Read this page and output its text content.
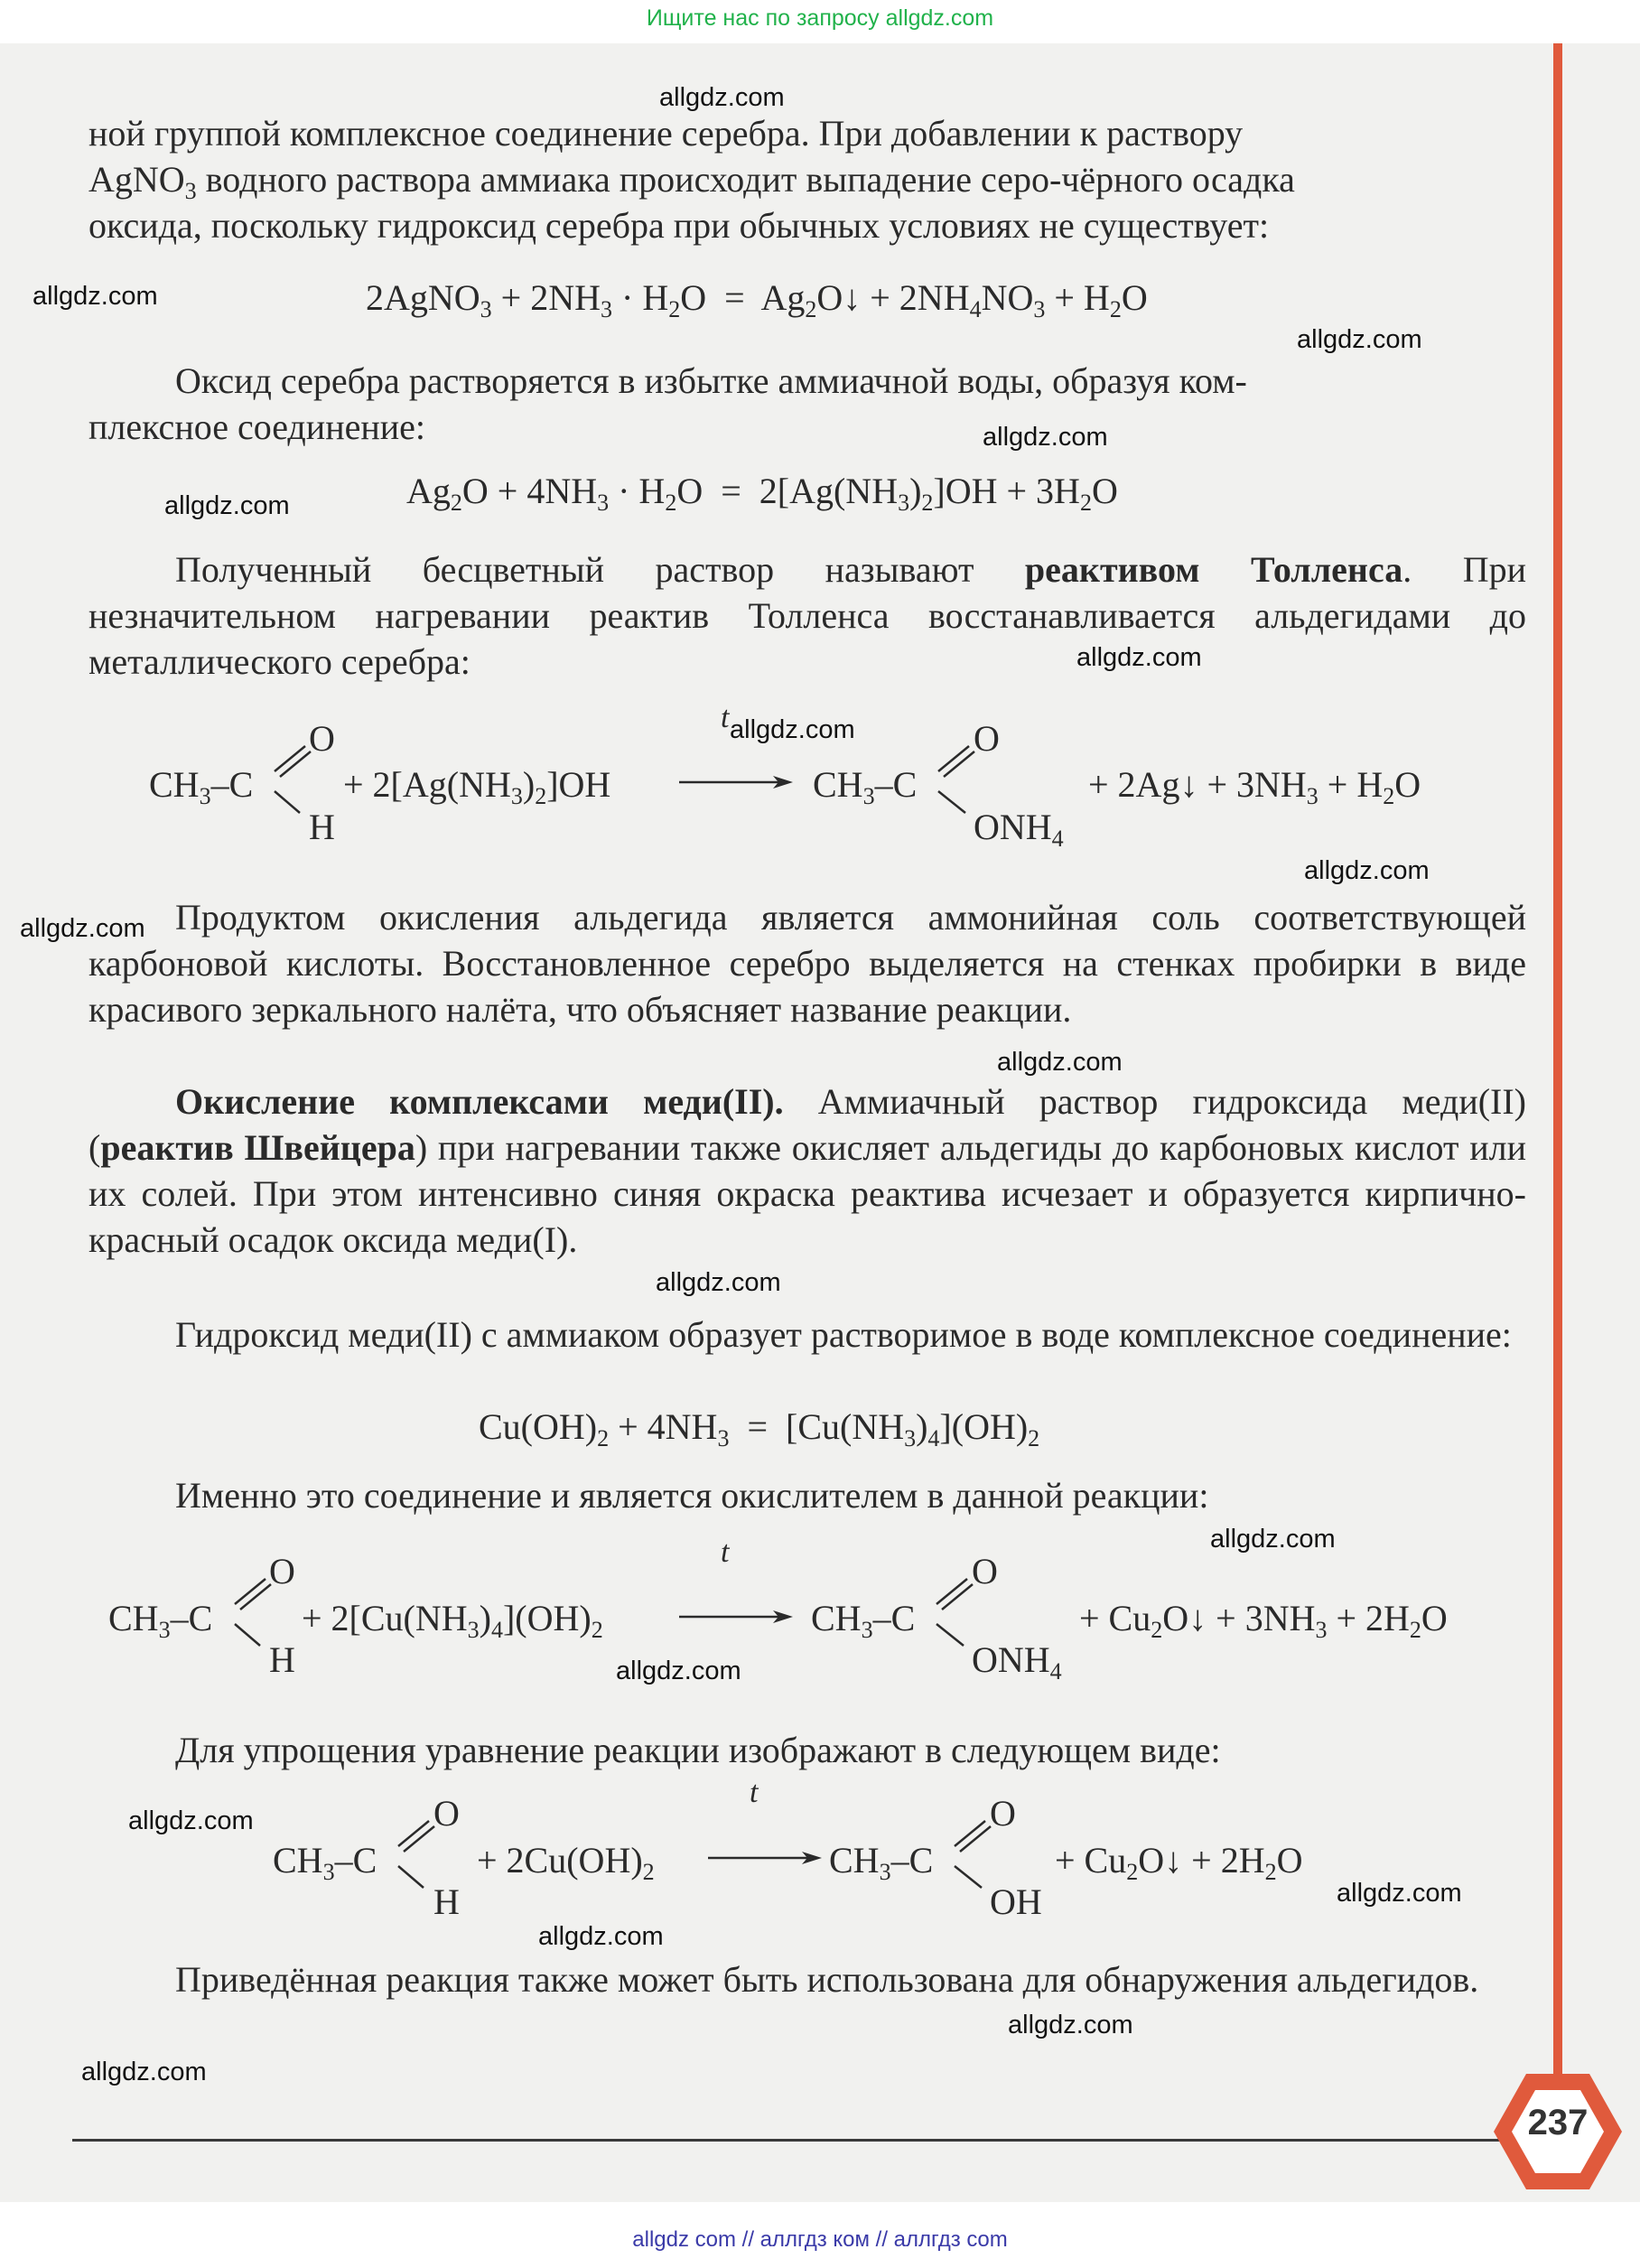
Ищите нас по запросу allgdz.com

ной группой комплексное соединение серебра. При добавлении к раствору

AgNO$_3$ водного раствора аммиака происходит выпадение серо-чёрного осадка

оксида, поскольку гидроксид серебра при обычных условиях не существует:

2AgNO$_3$ + $2NH_3 \cdot H_2O$  =  $Ag_2O↓ + 2NH_4NO_3 + H_2O$

Оксид серебра растворяется в избытке аммиачной воды, образуя ком-

плексное соединение:

$Ag_2O + 4NH_3 \cdot H_2O = 2[Ag(NH_3)_2]OH + 3H_2O$

Полученный бесцветный раствор называют реактивом Толленса. При незначительном нагревании реактив Толленса восстанавливается альдегидами до металлического серебра:

$CH_3-C$
O
H
+ $2[Ag(NH_3)_2]OH$
t
$CH_3-C$
O
$ONH_4$
+ 2Ag↓ + $3NH_3 + H_2O$

Продуктом окисления альдегида является аммонийная соль соответствующей карбоновой кислоты. Восстановленное серебро выделяется на стенках пробирки в виде красивого зеркального налёта, что объясняет название реакции.

Окисление комплексами меди(II). Аммиачный раствор гидроксида меди(II) (реактив Швейцера) при нагревании также окисляет альдегиды до карбоновых кислот или их солей. При этом интенсивно синяя окраска реактива исчезает и образуется кирпично-красный осадок оксида меди(I).

Гидроксид меди(II) с аммиаком образует растворимое в воде комплексное соединение:

$Cu(OH)_2 + 4NH_3 = [Cu(NH_3)_4](OH)_2$

Именно это соединение и является окислителем в данной реакции:

$CH_3-C$
O
H
+ $2[Cu(NH_3)_4](OH)_2$
t
$CH_3-C$
O
$ONH_4$
+ $Cu_2O↓ + 3NH_3 + 2H_2O$

Для упрощения уравнение реакции изображают в следующем виде:

$CH_3-C$
O
H
+ $2Cu(OH)_2$
t
$CH_3-C$
O
OH
+ $Cu_2O↓ + 2H_2O$

Приведённая реакция также может быть использована для обнаружения альдегидов.

237
allgdz.com
allgdz.com
allgdz.com
allgdz.com
allgdz.com
allgdz.com
allgdz.com
allgdz.com
allgdz.com
allgdz.com
allgdz.com
allgdz.com
allgdz.com
allgdz.com
allgdz.com
allgdz.com
allgdz.com
allgdz.com
allgdz com // аллгдз ком // аллгдз com
